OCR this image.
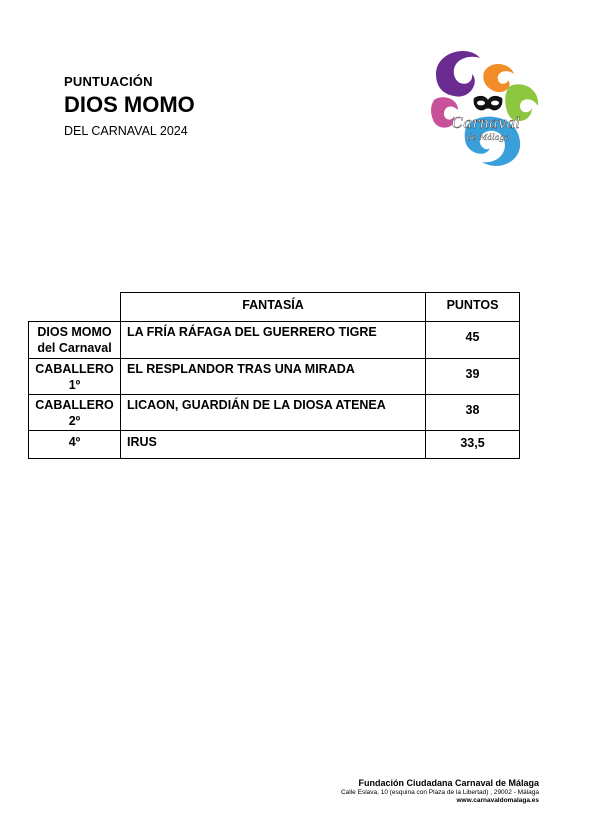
PUNTUACIÓN
DIOS MOMO
DEL CARNAVAL 2024	Carnaval
de Málaga
	FANTASÍA	PUNTOS
DIOS MOMO
del Carnaval	LA FRÍA RÁFAGA DEL GUERRERO TIGRE	45
CABALLERO
1º	EL RESPLANDOR TRAS UNA MIRADA	39
CABALLERO
2º	LICAON, GUARDIÁN DE LA DIOSA ATENEA	38
4º	IRUS	33,5
Fundación Ciudadana Carnaval de Málaga
Calle Eslava, 10 (esquina con Plaza de la Libertad) , 29002 - Málaga
www.carnavaldomalaga.es
